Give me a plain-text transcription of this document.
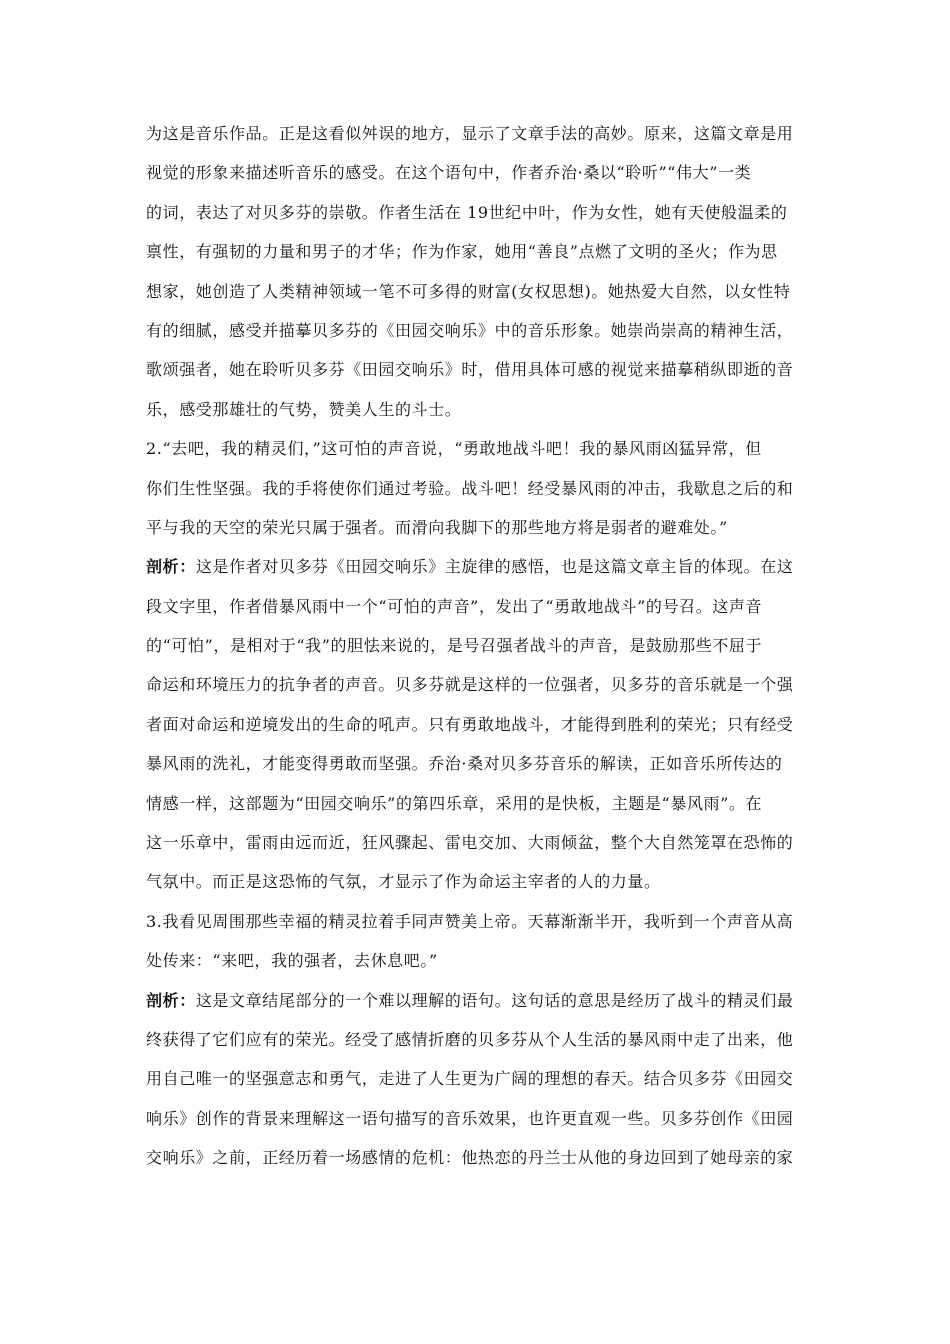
为这是音乐作品。正是这看似舛误的地方，显示了文章手法的高妙。原来，这篇文章是用
视觉的形象来描述听音乐的感受。在这个语句中，作者乔治·桑以“聆听”“伟大”一类
的词，表达了对贝多芬的崇敬。作者生活在 19世纪中叶，作为女性，她有天使般温柔的
禀性，有强韧的力量和男子的才华；作为作家，她用“善良”点燃了文明的圣火；作为思
想家，她创造了人类精神领域一笔不可多得的财富(女权思想)。她热爱大自然，以女性特
有的细腻，感受并描摹贝多芬的《田园交响乐》中的音乐形象。她崇尚崇高的精神生活，
歌颂强者，她在聆听贝多芬《田园交响乐》时，借用具体可感的视觉来描摹稍纵即逝的音
乐，感受那雄壮的气势，赞美人生的斗士。
2.“去吧，我的精灵们，”这可怕的声音说，“勇敢地战斗吧！我的暴风雨凶猛异常，但
你们生性坚强。我的手将使你们通过考验。战斗吧！经受暴风雨的冲击，我歇息之后的和
平与我的天空的荣光只属于强者。而滑向我脚下的那些地方将是弱者的避难处。”
剖析：这是作者对贝多芬《田园交响乐》主旋律的感悟，也是这篇文章主旨的体现。在这
段文字里，作者借暴风雨中一个“可怕的声音”，发出了“勇敢地战斗”的号召。这声音
的“可怕”，是相对于“我”的胆怯来说的，是号召强者战斗的声音，是鼓励那些不屈于
命运和环境压力的抗争者的声音。贝多芬就是这样的一位强者，贝多芬的音乐就是一个强
者面对命运和逆境发出的生命的吼声。只有勇敢地战斗，才能得到胜利的荣光；只有经受
暴风雨的洗礼，才能变得勇敢而坚强。乔治·桑对贝多芬音乐的解读，正如音乐所传达的
情感一样，这部题为“田园交响乐”的第四乐章，采用的是快板，主题是“暴风雨”。在
这一乐章中，雷雨由远而近，狂风骤起、雷电交加、大雨倾盆，整个大自然笼罩在恐怖的
气氛中。而正是这恐怖的气氛，才显示了作为命运主宰者的人的力量。
3.我看见周围那些幸福的精灵拉着手同声赞美上帝。天幕渐渐半开，我听到一个声音从高
处传来：“来吧，我的强者，去休息吧。”
剖析：这是文章结尾部分的一个难以理解的语句。这句话的意思是经历了战斗的精灵们最
终获得了它们应有的荣光。经受了感情折磨的贝多芬从个人生活的暴风雨中走了出来，他
用自己唯一的坚强意志和勇气，走进了人生更为广阔的理想的春天。结合贝多芬《田园交
响乐》创作的背景来理解这一语句描写的音乐效果，也许更直观一些。贝多芬创作《田园
交响乐》之前，正经历着一场感情的危机：他热恋的丹兰士从他的身边回到了她母亲的家
